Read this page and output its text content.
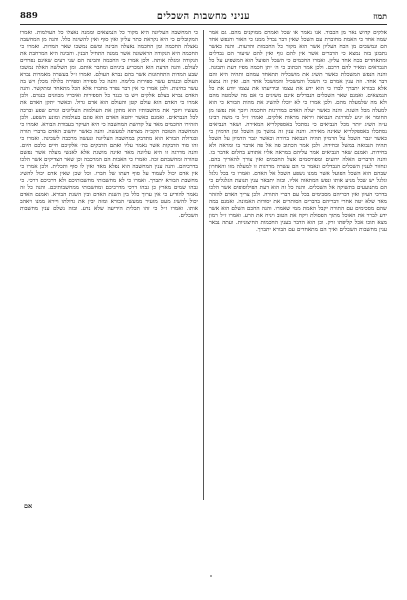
תמוז
עניני מחשבות השכלים
889
אלקים קדוש נאר מן הכבוד. אנו נאמר או שכל ואמרם ממוקנים מהם. גם אמר שמה אחד כי האמת מחוברת עם השכל שאין דבר נבדל ממנו כי האור והנפש אחד הם ונמשכים מן הכח העליון אשר הוא מקור כל החכמות והדעות. והנה כאשר נתבונן בזה נמצא כי הדברים אשר אין להם גוף ואין להם שיעור הם נבדלים ומתאחדים בכח אחד עליון. ואמרו החכמים כי השכל הפועל הוא המשפיע על כל הנבראים ומאיר להם דרכם. ולכן אמר הכתוב כי ה׳ יתן חכמה מפיו דעת ותבונה. והנה הנפש המשכלת כאשר תשיג את מושכליה תתאחד עמהם ותהיה היא והם דבר אחד. וזה ענין אמרם כי השכל והמשכיל והמושכל אחד הם. ואין זה נמצא אלא בבורא יתברך לבדו כי הוא ידע את עצמו ובידיעתו את עצמו יודע את כל הנמצאים. ואמנם שאר השכלים הנבדלים אינם משיגים כי אם מה שלמטה מהם ולא מה שלמעלה מהם. ולכן אמרו כי לא יוכלו להשיג את מהות הבורא כי הוא למעלה מכל השגה. והנה כאשר יעלה האדם במדרגות החכמה ויזכך את נפשו מן החומר אז יגיע למדרגת הנבואה ויראה מראות אלקים. ואמרו ז״ל כי משה רבינו ע״ה השיג יותר מכל הנביאים כי נסתכל באספקלריא המאירה. ושאר הנביאים נסתכלו באספקלריא שאינה מאירה. והנה ענין זה נמשך מן השכל ומן הדמיון כי כאשר יגבר השכל על הדמיון תהיה הנבואה ברורה וכאשר יגבר הדמיון על השכל תהיה הנבואה במשל ובחידה. ולכן אמר הכתוב פה אל פה אדבר בו ומראה ולא בחידות. ואמנם שאר הנביאים אמר עליהם במראה אליו אתודע בחלום אדבר בו. והנה הדברים האלה ידועים ומפורסמים אצל החכמים ואין צורך להאריך בהם. ונחזור לענין השכלים הנבדלים ונאמר כי הם עשרה מדרגות זו למעלה מזו והאחרון שבהם הוא השכל הפועל אשר ממנו נשפע השכל אל האדם. ואמרו כי בכל גלגל וגלגל יש שכל מניע אותו ונפש המתאוה אליו. ובזה יתבאר ענין תנועת הגלגלים כי הם מתנועעים בתשוקה אל השכלים. והנה כל זה הוא דעת הפילוסופים אשר הלכו בדרכי העיון ואין דבריהם מסכימים בכל עם דברי התורה. ולכן צריך האדם להזהר מאד שלא יטה אחרי דבריהם בדברים הסותרים את יסודות האמונה. ואמנם במה שהם מסכימים עם התורה יקבל האמת ממי שאמרו. והנה החכם השלם הוא אשר ידע לברר את האוכל מתוך הפסולת ויקח את הטוב ויניח את הרע. ואמרו ז״ל רמון מצא תוכו אכל קליפתו זרק. וכן הוא הדבר בענין החכמות החיצוניות. ועתה נבאר ענין מחשבות השכלים ואיך הם מתאחדים עם הבורא יתברך.
כי המחשבה העליונה היא מקור כל הנמצאים וממנה נאצלו כל העולמות. ואמרו המקובלים כי היא נקראת כתר עליון ואין סוף ואין להשיגה כלל. והנה מן המחשבה נאצלה החכמה ומן החכמה נאצלה הבינה ומשם נמשכו שאר המדות. ואמרו כי החכמה היא הנקודה הראשונה אשר ממנה התחיל הבנין. והבינה היא המרחבת את הנקודה ומגלה אותה. ולכן אמרו כי החכמה והבינה הם שני רעים שאינם נפרדים לעולם. והנה הדעת הוא המכריע ביניהם ומחבר אותם. ומן השלשה האלה נמשכו שבע המדות התחתונות אשר בהם נברא העולם. ואמרו ז״ל בעשרה מאמרות נברא העולם וכנגדם עשר ספירות בלימה. והנה כל ספירה וספירה כלולה מכלן ויש בה עשר בחינות. ולכן אמרו כי אין דבר נפרד מחברו אלא הכל מתאחד ומתקשר. והנה האדם נברא בצלם אלקים ויש בו כנגד כל הספירות ואיבריו מכוונים כנגדם. ולכן אמרו כי האדם הוא עולם קטן והעולם הוא אדם גדול. וכאשר יתקן האדם את מעשיו ויזכך את מחשבותיו הוא מתקן את העולמות העליונים וגורם שפע וברכה לכל הנבראים. ואמנם כאשר יחטא האדם הוא פוגם בעולמות ומונע השפע. ולכן הזהירו החכמים מאד על קדושת המחשבה כי היא העיקר בעבודת הבורא. ואמרו כי המחשבה הטובה הקב״ה מצרפה למעשה. והנה כאשר יחשוב האדם בדברי תורה ובגדולת הבורא הוא מתדבק במחשבה העליונה ונעשה מרכבה לשכינה. ואמרו כי זהו סוד הדבקות אשר נאמר עליו ואתם הדבקים בה׳ אלקיכם חיים כלכם היום. והנה מדרגה זו היא עליונה מאד ואינה מושגת אלא לאנשי מעלה אשר נפשם טהורה ומחשבתם זכה. ואמרו כי האבות הם המרכבה וכן שאר הצדיקים אשר הלכו בדרכיהם. והנה ענין המחשבה הוא נפלא מאד ואין לו סוף ותכלית. ולכן אמרו כי אין אדם יכול לעמוד על סוף דעתו של חברו. וכל שכן שאין אדם יכול להשיג מחשבת הבורא יתברך. ואמרו כי לא מחשבותי מחשבותיכם ולא דרכיכם דרכי. כי גבהו שמים מארץ כן גבהו דרכי מדרכיכם ומחשבותי ממחשבותיכם. והנה כל זה נאמר להודיע כי אין ערוך כלל בין השגת האדם ובין השגת הבורא. ואמנם האדם יכול להשיג מעט מזעיר ממעשי הבורא ומזה יבין את גדולתו ויירא ממנו ויאהב אותו. ואמרו ז״ל כי זהו תכלית הידיעה שלא נדע. ובזה נשלם ענין מחשבות השכלים.
אם
